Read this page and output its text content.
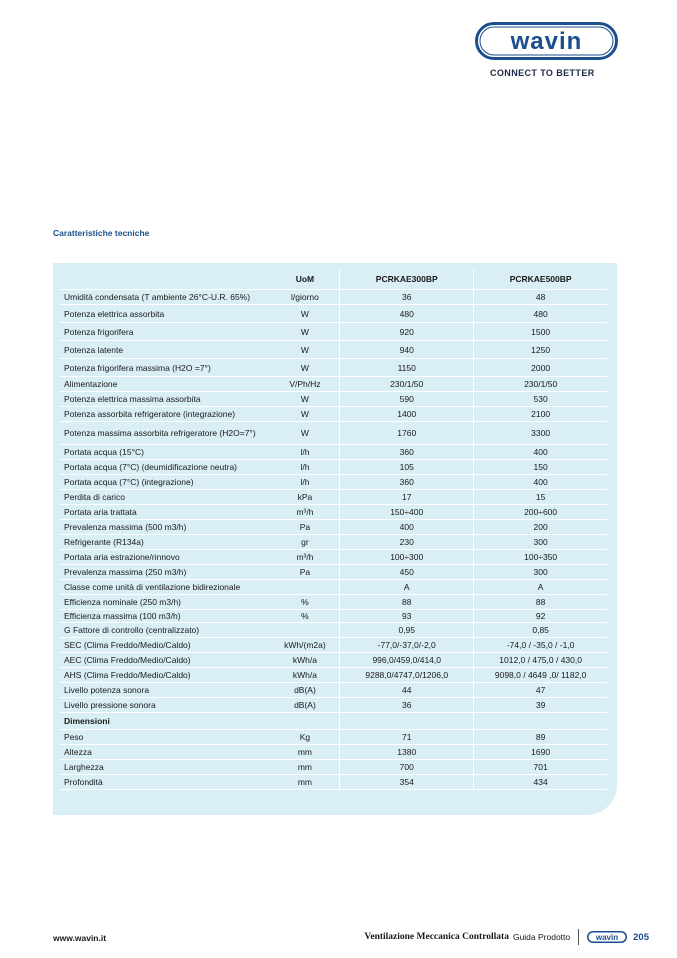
wavin
CONNECT TO BETTER
Caratteristiche tecniche
	UoM	PCRKAE300BP	PCRKAE500BP
Umidità condensata (T ambiente 26°C-U.R. 65%)	l/giorno	36	48
Potenza elettrica assorbita	W	480	480
Potenza frigorifera	W	920	1500
Potenza latente	W	940	1250
Potenza frigorifera massima (H2O =7°)	W	1150	2000
Alimentazione	V/Ph/Hz	230/1/50	230/1/50
Potenza elettrica massima assorbita	W	590	530
Potenza assorbita refrigeratore (integrazione)	W	1400	2100
Potenza massima assorbita refrigeratore (H2O=7°)	W	1760	3300
Portata acqua (15°C)	l/h	360	400
Portata acqua (7°C) (deumidificazione neutra)	l/h	105	150
Portata acqua (7°C) (integrazione)	l/h	360	400
Perdita di carico	kPa	17	15
Portata aria trattata	m³/h	150÷400	200÷600
Prevalenza massima (500 m3/h)	Pa	400	200
Refrigerante (R134a)	gr	230	300
Portata aria estrazione/rinnovo	m³/h	100÷300	100÷350
Prevalenza massima (250 m3/h)	Pa	450	300
Classe come unità di ventilazione bidirezionale		A	A
Efficienza nominale (250 m3/h)	%	88	88
Efficienza massima (100 m3/h)	%	93	92
G Fattore di controllo (centralizzato)		0,95	0,85
SEC (Clima Freddo/Medio/Caldo)	kWh/(m2a)	-77,0/-37,0/-2,0	-74,0 / -35,0 / -1,0
AEC (Clima Freddo/Medio/Caldo)	kWh/a	996,0/459,0/414,0	1012,0 / 475,0 / 430,0
AHS (Clima Freddo/Medio/Caldo)	kWh/a	9288,0/4747,0/1206,0	9098,0 / 4649 ,0/ 1182,0
Livello potenza sonora	dB(A)	44	47
Livello pressione sonora	dB(A)	36	39
Dimensioni			
Peso	Kg	71	89
Altezza	mm	1380	1690
Larghezza	mm	700	701
Profondità	mm	354	434
www.wavin.it	Ventilazione Meccanica Controllata Guida Prodotto	wavin 205
